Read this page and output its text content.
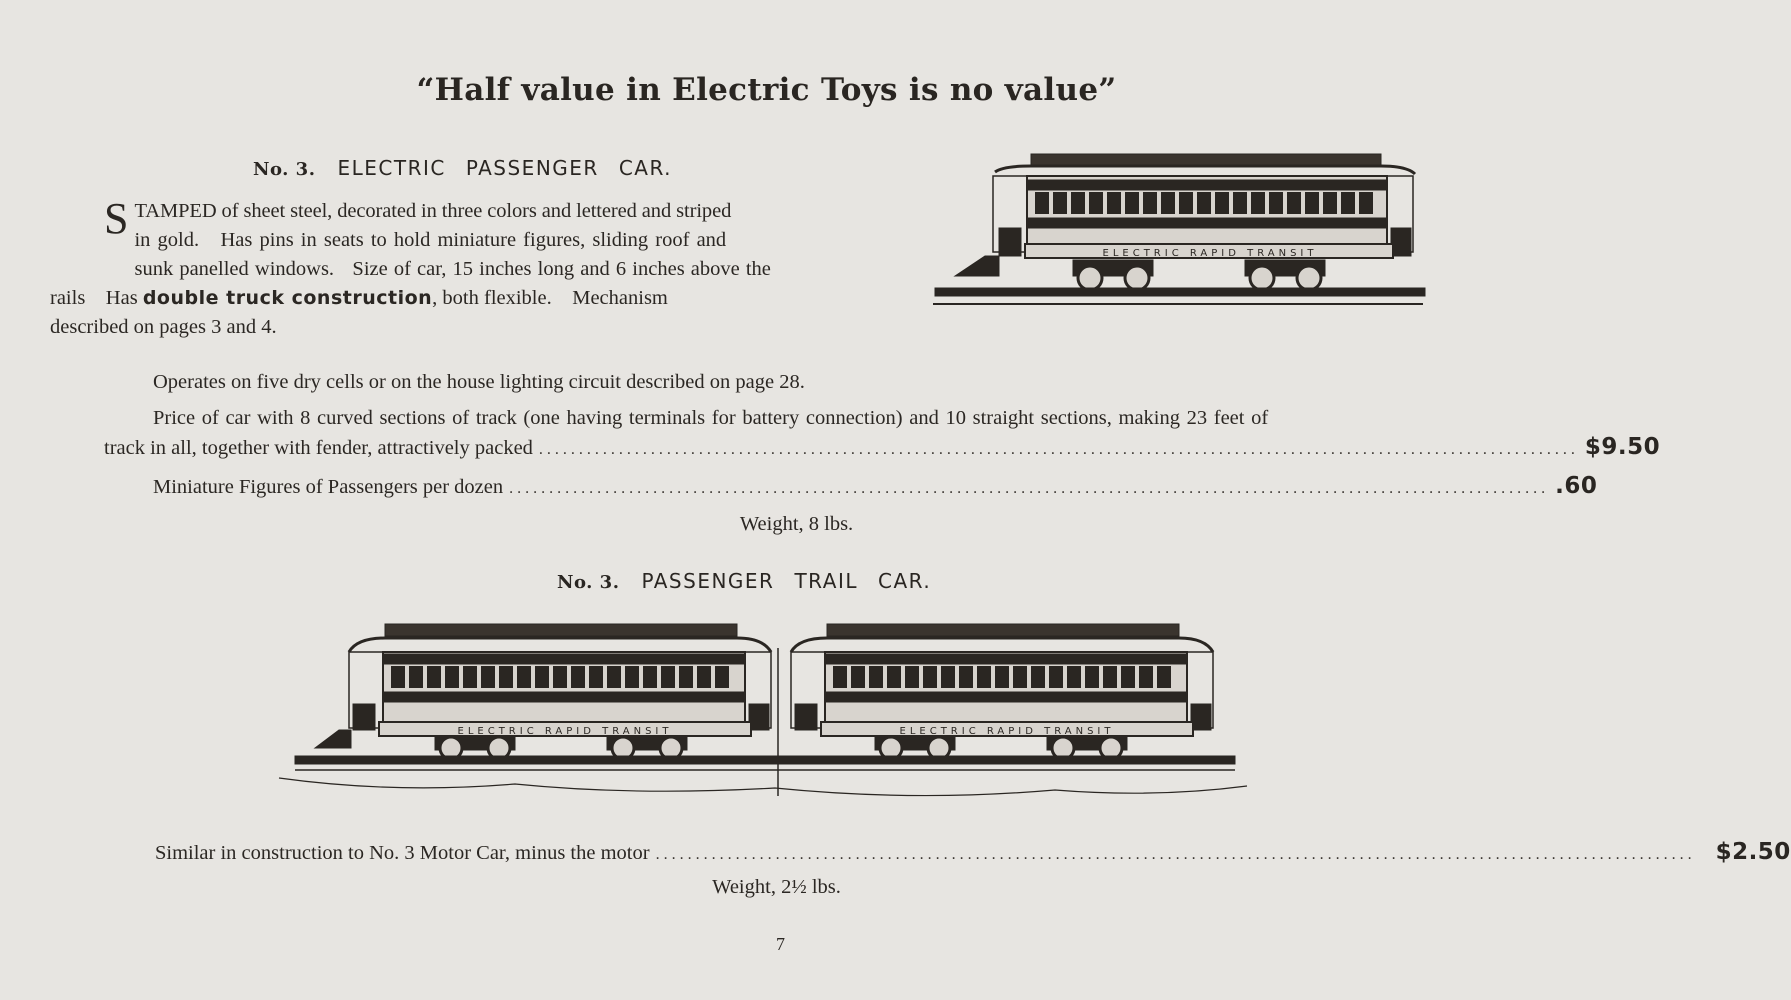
“Half value in Electric Toys is no value”
No. 3. ELECTRIC PASSENGER CAR.
S TAMPED of sheet steel, decorated in three colors and lettered and striped
in gold.   Has pins in seats to hold miniature figures, sliding roof and
sunk panelled windows.   Size of car, 15 inches long and 6 inches above the
rails    Has double truck construction, both flexible.    Mechanism
described on pages 3 and 4.
ELECTRIC RAPID TRANSIT
3
Operates on five dry cells or on the house lighting circuit described on page 28.
Price of car with 8 curved sections of track (one having terminals for battery connection) and 10 straight sections, making 23 feet of
track in all, together with fender, attractively packed .................................................................................................................................. $9.50
Miniature Figures of Passengers per dozen .................................................................................................................................. .60
Weight, 8 lbs.
No. 3. PASSENGER TRAIL CAR.
ELECTRIC RAPID TRANSIT	ELECTRIC RAPID TRANSIT
Similar in construction to No. 3 Motor Car, minus the motor .................................................................................................................................. $2.50
Weight, 2½ lbs.
7
